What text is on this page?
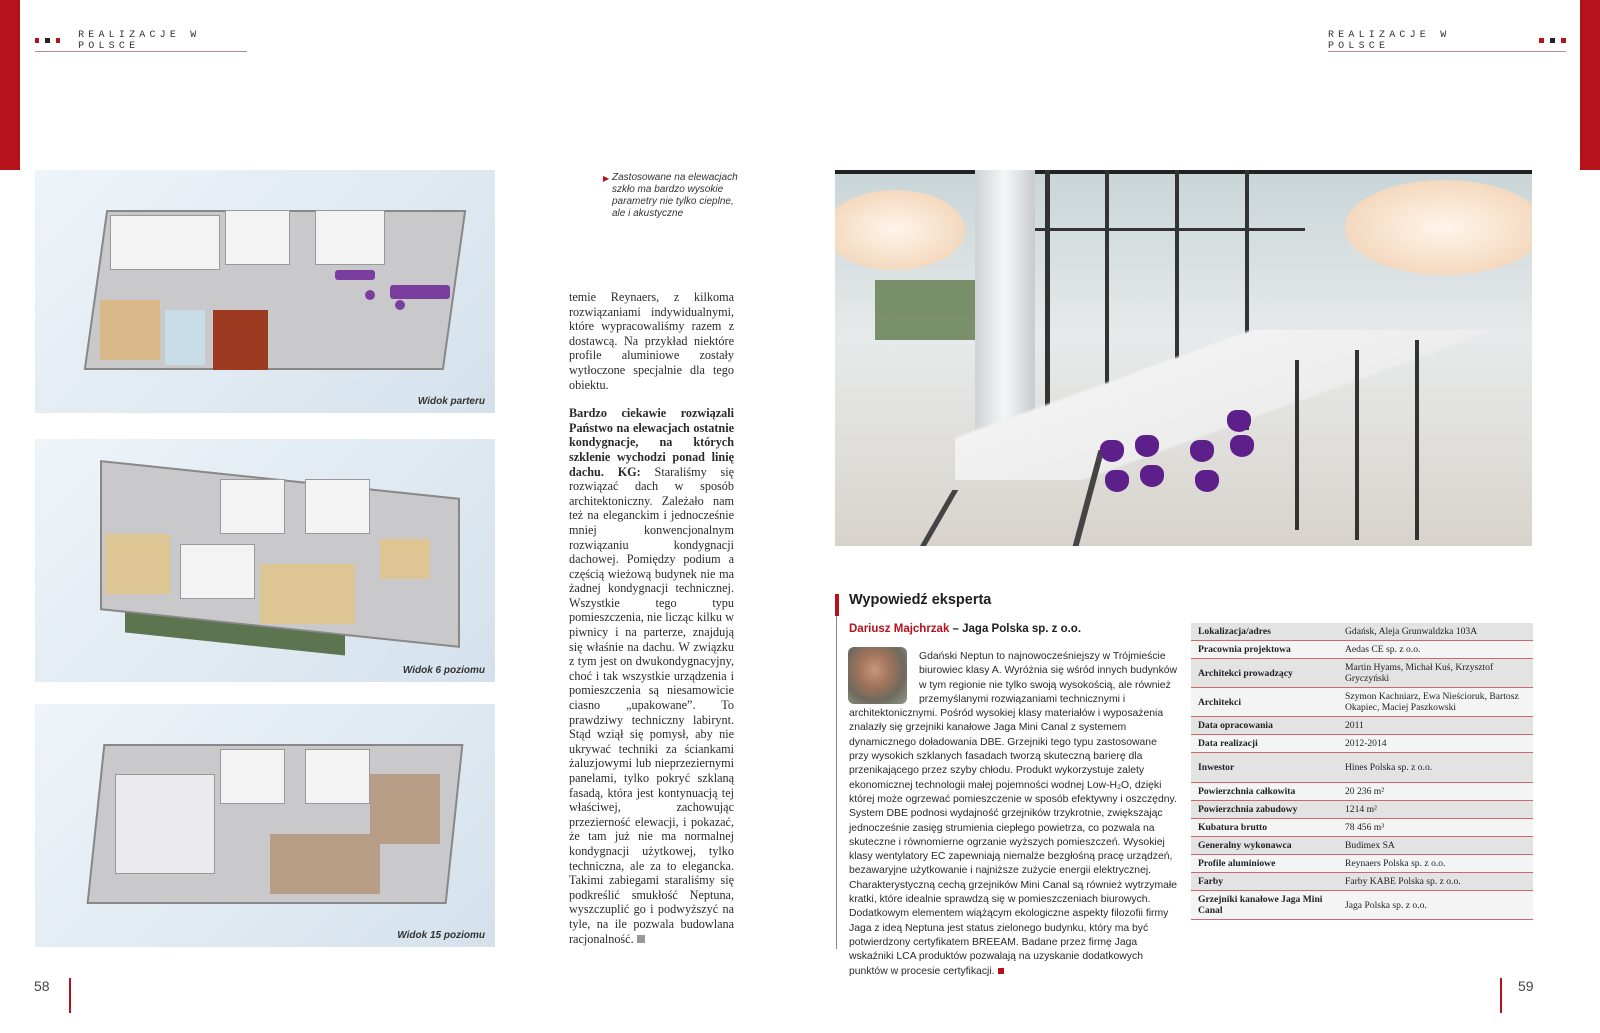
REALIZACJE W POLSCE
REALIZACJE W POLSCE
Widok parteru
Widok 6 poziomu
Widok 15 poziomu
▶ Zastosowane na elewacjach szkło ma bardzo wysokie parametry nie tylko cieplne, ale i akustyczne

temie Reynaers, z kilkoma rozwiązaniami indywidualnymi, które wypracowaliśmy razem z dostawcą. Na przykład niektóre profile aluminiowe zostały wytłoczone specjalnie dla tego obiektu.

Bardzo ciekawie rozwiązali Państwo na elewacjach ostatnie kondygnacje, na których szklenie wychodzi ponad linię dachu. KG: Staraliśmy się rozwiązać dach w sposób architektoniczny. Zależało nam też na eleganckim i jednocześnie mniej konwencjonalnym rozwiązaniu kondygnacji dachowej. Pomiędzy podium a częścią wieżową budynek nie ma żadnej kondygnacji technicznej. Wszystkie tego typu pomieszczenia, nie licząc kilku w piwnicy i na parterze, znajdują się właśnie na dachu. W związku z tym jest on dwukondygnacyjny, choć i tak wszystkie urządzenia i pomieszczenia są niesamowicie ciasno „upakowane”. To prawdziwy techniczny labirynt. Stąd wziął się pomysł, aby nie ukrywać techniki za ściankami żaluzjowymi lub nieprzeziernymi panelami, tylko pokryć szklaną fasadą, która jest kontynuacją tej właściwej, zachowując przezierność elewacji, i pokazać, że tam już nie ma normalnej kondygnacji użytkowej, tylko techniczna, ale za to elegancka. Takimi zabiegami staraliśmy się podkreślić smukłość Neptuna, wyszczuplić go i podwyższyć na tyle, na ile pozwala budowlana racjonalność.

Wypowiedź eksperta
Dariusz Majchrzak – Jaga Polska sp. z o.o.
Gdański Neptun to najnowocześniejszy w Trójmieście biurowiec klasy A. Wyróżnia się wśród innych budynków w tym regionie nie tylko swoją wysokością, ale również przemyślanymi rozwiązaniami technicznymi i architektonicznymi. Pośród wysokiej klasy materiałów i wyposażenia znalazły się grzejniki kanałowe Jaga Mini Canal z systemem dynamicznego doładowania DBE. Grzejniki tego typu zastosowane przy wysokich szklanych fasadach tworzą skuteczną barierę dla przenikającego przez szyby chłodu. Produkt wykorzystuje zalety ekonomicznej technologii małej pojemności wodnej Low-H₂O, dzięki której może ogrzewać pomieszczenie w sposób efektywny i oszczędny. System DBE podnosi wydajność grzejników trzykrotnie, zwiększając jednocześnie zasięg strumienia ciepłego powietrza, co pozwala na skuteczne i równomierne ogrzanie wyższych pomieszczeń. Wysokiej klasy wentylatory EC zapewniają niemalże bezgłośną pracę urządzeń, bezawaryjne użytkowanie i najniższe zużycie energii elektrycznej. Charakterystyczną cechą grzejników Mini Canal są również wytrzymałe kratki, które idealnie sprawdzą się w pomieszczeniach biurowych. Dodatkowym elementem wiążącym ekologiczne aspekty filozofii firmy Jaga z ideą Neptuna jest status zielonego budynku, który ma być potwierdzony certyfikatem BREEAM. Badane przez firmę Jaga wskaźniki LCA produktów pozwalają na uzyskanie dodatkowych punktów w procesie certyfikacji.
Lokalizacja/adres	Gdańsk, Aleja Grunwaldzka 103A
Pracownia projektowa	Aedas CE sp. z o.o.
Architekci prowadzący	Martin Hyams, Michał Kuś, Krzysztof Gryczyński
Architekci	Szymon Kachniarz, Ewa Nieścioruk, Bartosz Okapiec, Maciej Paszkowski
Data opracowania	2011
Data realizacji	2012-2014
Inwestor	Hines Polska sp. z o.o.
Powierzchnia całkowita	20 236 m²
Powierzchnia zabudowy	1214 m²
Kubatura brutto	78 456 m³
Generalny wykonawca	Budimex SA
Profile aluminiowe	Reynaers Polska sp. z o.o.
Farby	Farby KABE Polska sp. z o.o.
Grzejniki kanałowe Jaga Mini Canal	Jaga Polska sp. z o.o.
58	59
